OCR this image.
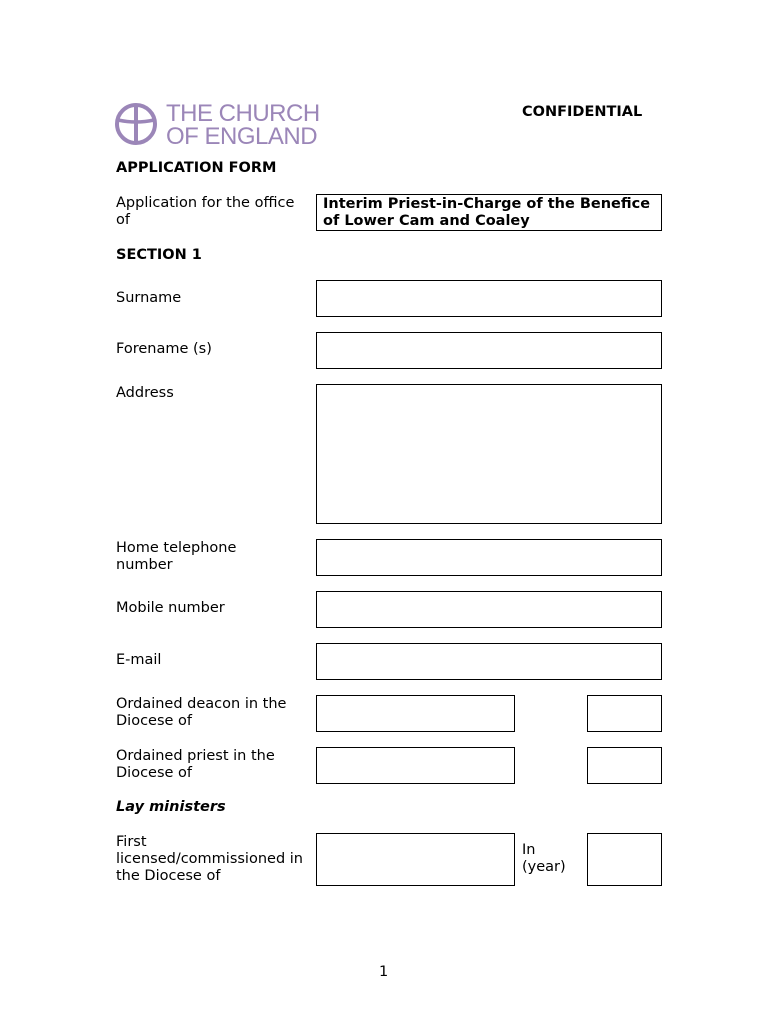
THE CHURCH
OF ENGLAND
CONFIDENTIAL
APPLICATION FORM
Application for the office of
Interim Priest-in-Charge of the Benefice of Lower Cam and Coaley
SECTION 1
Surname
Forename (s)
Address
Home telephone number
Mobile number
E-mail
Ordained deacon in the Diocese of
Ordained priest in the Diocese of
Lay ministers
First licensed/commissioned in the Diocese of
In (year)
1
